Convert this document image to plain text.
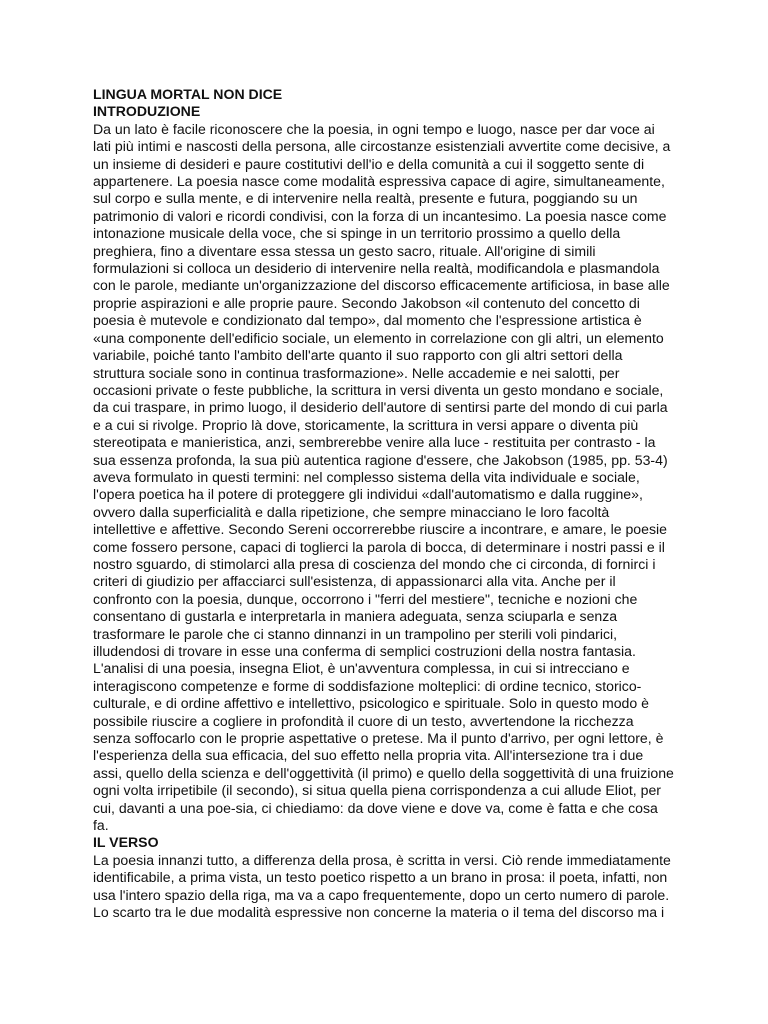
LINGUA MORTAL NON DICE

INTRODUZIONE

Da un lato è facile riconoscere che la poesia, in ogni tempo e luogo, nasce per dar voce ai lati più intimi e nascosti della persona, alle circostanze esistenziali avvertite come decisive, a un insieme di desideri e paure costitutivi dell'io e della comunità a cui il soggetto sente di appartenere. La poesia nasce come modalità espressiva capace di agire, simultaneamente, sul corpo e sulla mente, e di intervenire nella realtà, presente e futura, poggiando su un patrimonio di valori e ricordi condivisi, con la forza di un incantesimo. La poesia nasce come intonazione musicale della voce, che si spinge in un territorio prossimo a quello della preghiera, fino a diventare essa stessa un gesto sacro, rituale. All'origine di simili formulazioni si colloca un desiderio di intervenire nella realtà, modificandola e plasmandola con le parole, mediante un'organizzazione del discorso efficacemente artificiosa, in base alle proprie aspirazioni e alle proprie paure. Secondo Jakobson «il contenuto del concetto di poesia è mutevole e condizionato dal tempo», dal momento che l'espressione artistica è «una componente dell'edificio sociale, un elemento in correlazione con gli altri, un elemento variabile, poiché tanto l'ambito dell'arte quanto il suo rapporto con gli altri settori della struttura sociale sono in continua trasformazione». Nelle accademie e nei salotti, per occasioni private o feste pubbliche, la scrittura in versi diventa un gesto mondano e sociale, da cui traspare, in primo luogo, il desiderio dell'autore di sentirsi parte del mondo di cui parla e a cui si rivolge. Proprio là dove, storicamente, la scrittura in versi appare o diventa più stereotipata e manieristica, anzi, sembrerebbe venire alla luce - restituita per contrasto - la sua essenza profonda, la sua più autentica ragione d'essere, che Jakobson (1985, pp. 53-4) aveva formulato in questi termini: nel complesso sistema della vita individuale e sociale, l'opera poetica ha il potere di proteggere gli individui «dall'automatismo e dalla ruggine», ovvero dalla superficialità e dalla ripetizione, che sempre minacciano le loro facoltà intellettive e affettive. Secondo Sereni occorrerebbe riuscire a incontrare, e amare, le poesie come fossero persone, capaci di toglierci la parola di bocca, di determinare i nostri passi e il nostro sguardo, di stimolarci alla presa di coscienza del mondo che ci circonda, di fornirci i criteri di giudizio per affacciarci sull'esistenza, di appassionarci alla vita. Anche per il confronto con la poesia, dunque, occorrono i "ferri del mestiere", tecniche e nozioni che consentano di gustarla e interpretarla in maniera adeguata, senza sciuparla e senza trasformare le parole che ci stanno dinnanzi in un trampolino per sterili voli pindarici, illudendosi di trovare in esse una conferma di semplici costruzioni della nostra fantasia.

L'analisi di una poesia, insegna Eliot, è un'avventura complessa, in cui si intrecciano e interagiscono competenze e forme di soddisfazione molteplici: di ordine tecnico, storico-culturale, e di ordine affettivo e intellettivo, psicologico e spirituale. Solo in questo modo è possibile riuscire a cogliere in profondità il cuore di un testo, avvertendone la ricchezza senza soffocarlo con le proprie aspettative o pretese. Ma il punto d'arrivo, per ogni lettore, è l'esperienza della sua efficacia, del suo effetto nella propria vita. All'intersezione tra i due assi, quello della scienza e dell'oggettività (il primo) e quello della soggettività di una fruizione ogni volta irripetibile (il secondo), si situa quella piena corrispondenza a cui allude Eliot, per cui, davanti a una poe-sia, ci chiediamo: da dove viene e dove va, come è fatta e che cosa fa.

IL VERSO

La poesia innanzi tutto, a differenza della prosa, è scritta in versi. Ciò rende immediatamente identificabile, a prima vista, un testo poetico rispetto a un brano in prosa: il poeta, infatti, non usa l'intero spazio della riga, ma va a capo frequentemente, dopo un certo numero di parole. Lo scarto tra le due modalità espressive non concerne la materia o il tema del discorso ma i
